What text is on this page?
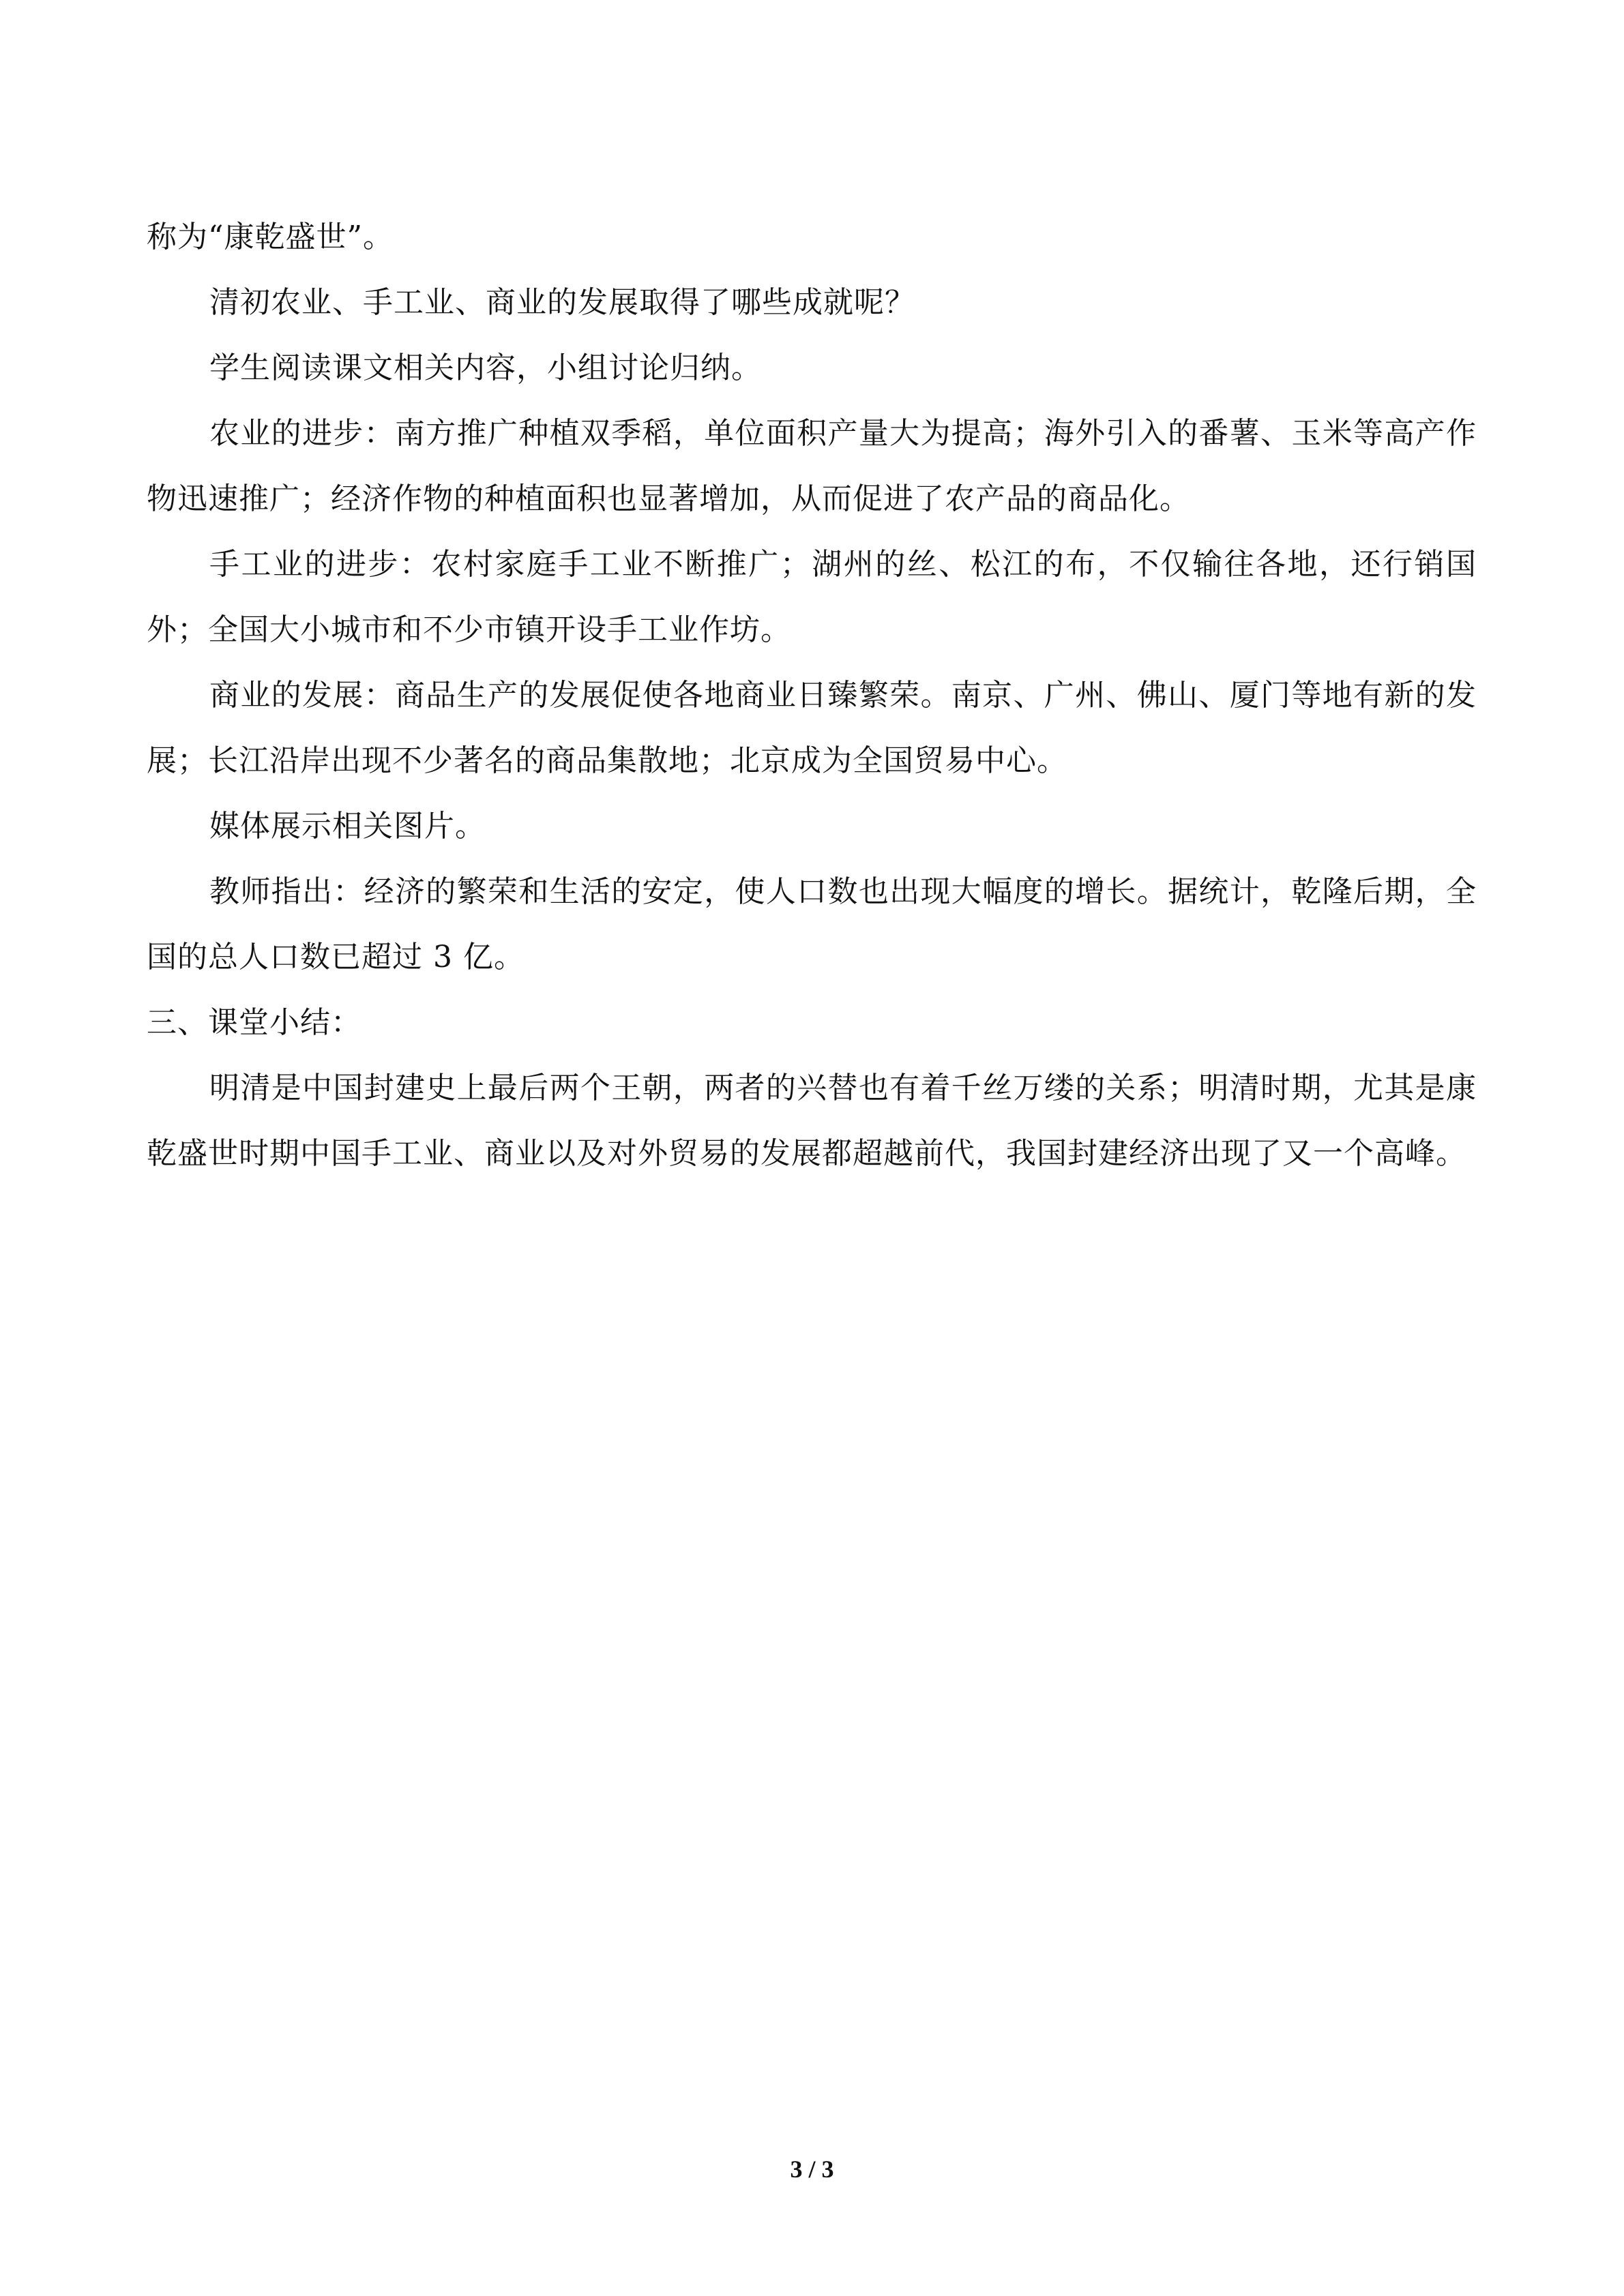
称为“康乾盛世”。

清初农业、手工业、商业的发展取得了哪些成就呢？

学生阅读课文相关内容，小组讨论归纳。

农业的进步：南方推广种植双季稻，单位面积产量大为提高；海外引入的番薯、玉米等高产作物迅速推广；经济作物的种植面积也显著增加，从而促进了农产品的商品化。

手工业的进步：农村家庭手工业不断推广；湖州的丝、松江的布，不仅输往各地，还行销国外；全国大小城市和不少市镇开设手工业作坊。

商业的发展：商品生产的发展促使各地商业日臻繁荣。南京、广州、佛山、厦门等地有新的发展；长江沿岸出现不少著名的商品集散地；北京成为全国贸易中心。

媒体展示相关图片。

教师指出：经济的繁荣和生活的安定，使人口数也出现大幅度的增长。据统计，乾隆后期，全国的总人口数已超过 3 亿。

三、课堂小结：

明清是中国封建史上最后两个王朝，两者的兴替也有着千丝万缕的关系；明清时期，尤其是康乾盛世时期中国手工业、商业以及对外贸易的发展都超越前代，我国封建经济出现了又一个高峰。

3 / 3
